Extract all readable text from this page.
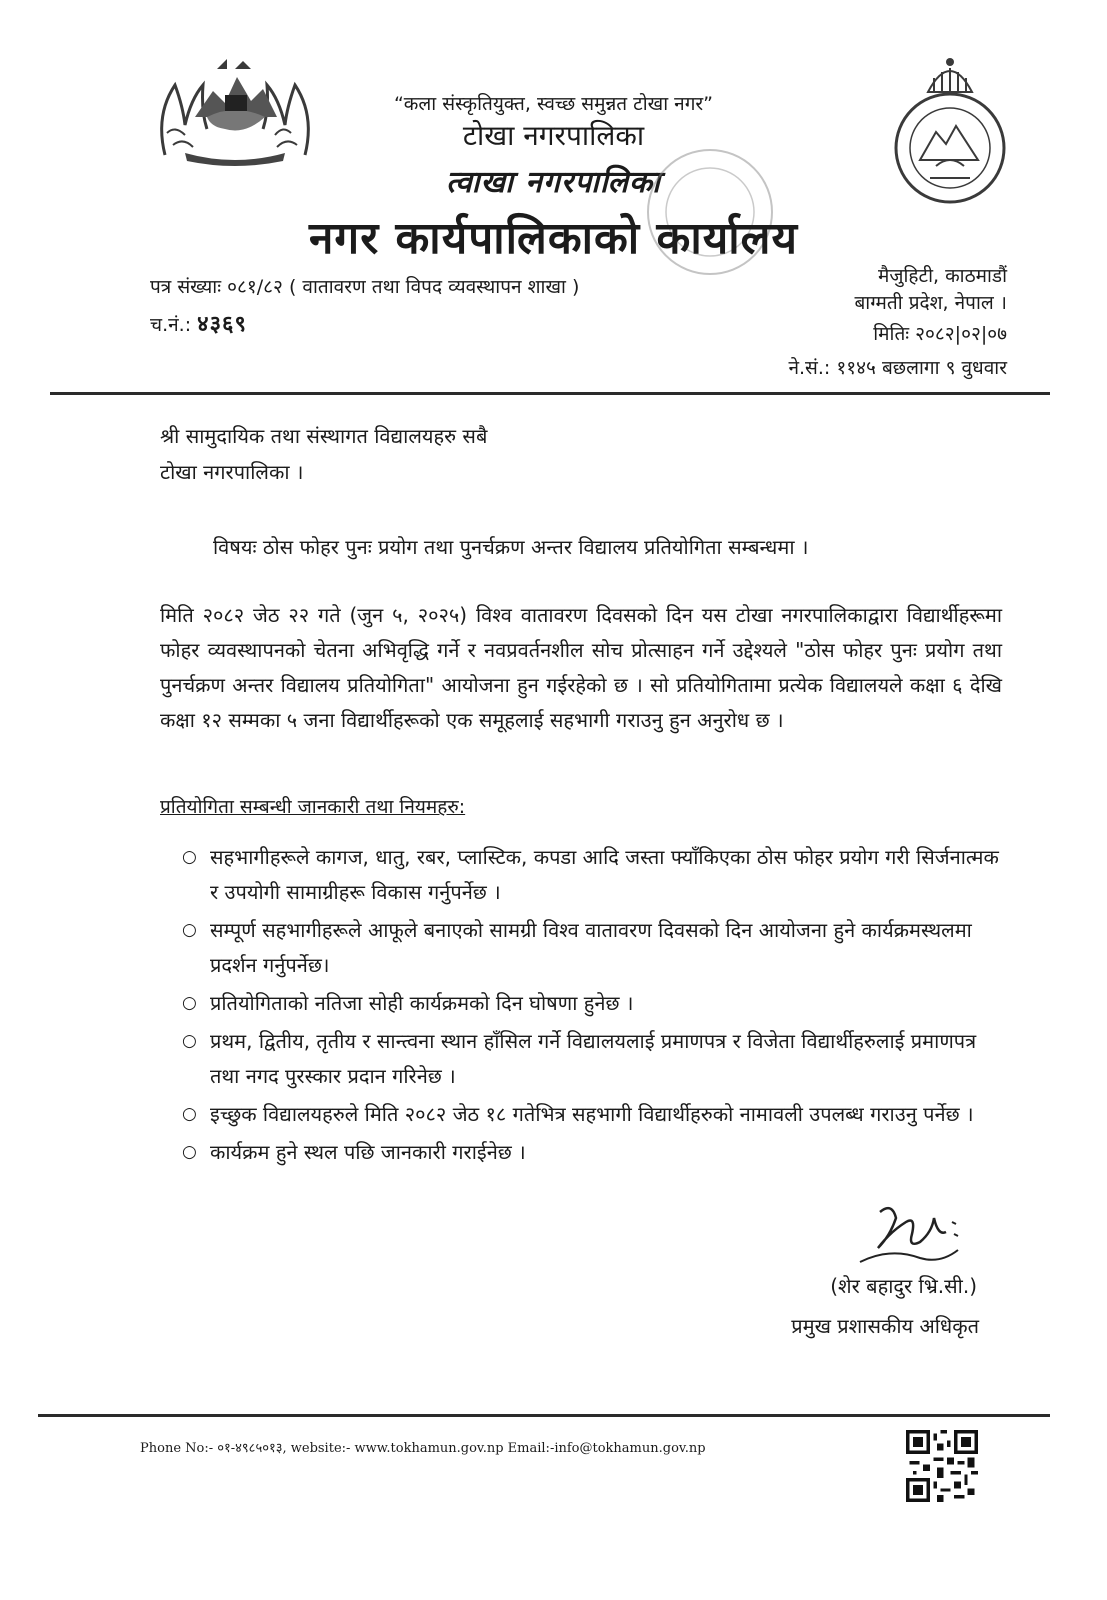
“कला संस्कृतियुक्त, स्वच्छ समुन्नत टोखा नगर”
टोखा नगरपालिका
त्वाखा नगरपालिका
नगर कार्यपालिकाको कार्यालय
पत्र संख्याः ०८१/८२ ( वातावरण तथा विपद व्यवस्थापन शाखा )
च.नं.: ४३६९
मैजुहिटी, काठमाडौं
बाग्मती प्रदेश, नेपाल ।
मितिः २०८२|०२|०७
ने.सं.: ११४५ बछलागा ९ वुधवार
श्री सामुदायिक तथा संस्थागत विद्यालयहरु सबै
टोखा नगरपालिका ।
विषयः ठोस फोहर पुनः प्रयोग तथा पुनर्चक्रण अन्तर विद्यालय प्रतियोगिता सम्बन्धमा ।
मिति २०८२ जेठ २२ गते (जुन ५, २०२५) विश्व वातावरण दिवसको दिन यस टोखा नगरपालिकाद्वारा विद्यार्थीहरूमा फोहर व्यवस्थापनको चेतना अभिवृद्धि गर्ने र नवप्रवर्तनशील सोच प्रोत्साहन गर्ने उद्देश्यले "ठोस फोहर पुनः प्रयोग तथा पुनर्चक्रण अन्तर विद्यालय प्रतियोगिता" आयोजना हुन गईरहेको छ । सो प्रतियोगितामा प्रत्येक विद्यालयले कक्षा ६ देखि कक्षा १२ सम्मका ५ जना विद्यार्थीहरूको एक समूहलाई सहभागी गराउनु हुन अनुरोध छ ।
प्रतियोगिता सम्बन्धी जानकारी तथा नियमहरु:
○ सहभागीहरूले कागज, धातु, रबर, प्लास्टिक, कपडा आदि जस्ता फ्याँकिएका ठोस फोहर प्रयोग गरी सिर्जनात्मक र उपयोगी सामाग्रीहरू विकास गर्नुपर्नेछ ।
○ सम्पूर्ण सहभागीहरूले आफूले बनाएको सामग्री विश्व वातावरण दिवसको दिन आयोजना हुने कार्यक्रमस्थलमा प्रदर्शन गर्नुपर्नेछ।
○ प्रतियोगिताको नतिजा सोही कार्यक्रमको दिन घोषणा हुनेछ ।
○ प्रथम, द्वितीय, तृतीय र सान्त्वना स्थान हाँसिल गर्ने विद्यालयलाई प्रमाणपत्र र विजेता विद्यार्थीहरुलाई प्रमाणपत्र तथा नगद पुरस्कार प्रदान गरिनेछ ।
○ इच्छुक विद्यालयहरुले मिति २०८२ जेठ १८ गतेभित्र सहभागी विद्यार्थीहरुको नामावली उपलब्ध गराउनु पर्नेछ ।
○ कार्यक्रम हुने स्थल पछि जानकारी गराईनेछ ।
(शेर बहादुर भ्रि.सी.)
प्रमुख प्रशासकीय अधिकृत
Phone No:- ०१-४९८५०१३, website:- www.tokhamun.gov.np Email:-info@tokhamun.gov.np
